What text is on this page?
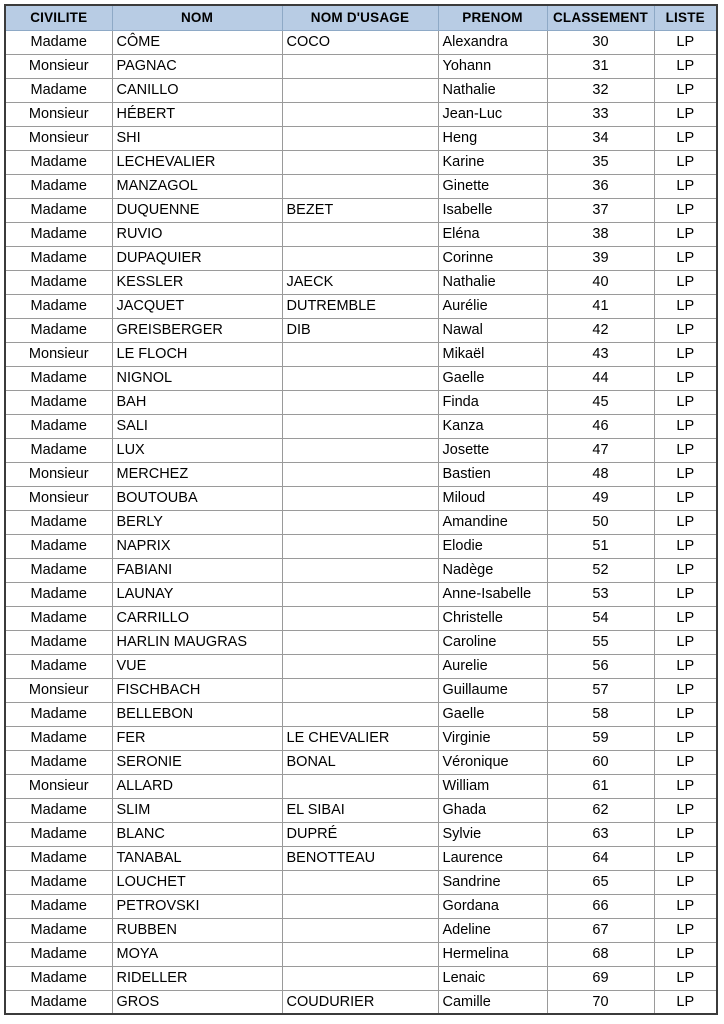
CIVILITE	NOM	NOM D'USAGE	PRENOM	CLASSEMENT	LISTE
Madame	CÔME	COCO	Alexandra	30	LP
Monsieur	PAGNAC		Yohann	31	LP
Madame	CANILLO		Nathalie	32	LP
Monsieur	HÉBERT		Jean-Luc	33	LP
Monsieur	SHI		Heng	34	LP
Madame	LECHEVALIER		Karine	35	LP
Madame	MANZAGOL		Ginette	36	LP
Madame	DUQUENNE	BEZET	Isabelle	37	LP
Madame	RUVIO		Eléna	38	LP
Madame	DUPAQUIER		Corinne	39	LP
Madame	KESSLER	JAECK	Nathalie	40	LP
Madame	JACQUET	DUTREMBLE	Aurélie	41	LP
Madame	GREISBERGER	DIB	Nawal	42	LP
Monsieur	LE FLOCH		Mikaël	43	LP
Madame	NIGNOL		Gaelle	44	LP
Madame	BAH		Finda	45	LP
Madame	SALI		Kanza	46	LP
Madame	LUX		Josette	47	LP
Monsieur	MERCHEZ		Bastien	48	LP
Monsieur	BOUTOUBA		Miloud	49	LP
Madame	BERLY		Amandine	50	LP
Madame	NAPRIX		Elodie	51	LP
Madame	FABIANI		Nadège	52	LP
Madame	LAUNAY		Anne-Isabelle	53	LP
Madame	CARRILLO		Christelle	54	LP
Madame	HARLIN MAUGRAS		Caroline	55	LP
Madame	VUE		Aurelie	56	LP
Monsieur	FISCHBACH		Guillaume	57	LP
Madame	BELLEBON		Gaelle	58	LP
Madame	FER	LE CHEVALIER	Virginie	59	LP
Madame	SERONIE	BONAL	Véronique	60	LP
Monsieur	ALLARD		William	61	LP
Madame	SLIM	EL SIBAI	Ghada	62	LP
Madame	BLANC	DUPRÉ	Sylvie	63	LP
Madame	TANABAL	BENOTTEAU	Laurence	64	LP
Madame	LOUCHET		Sandrine	65	LP
Madame	PETROVSKI		Gordana	66	LP
Madame	RUBBEN		Adeline	67	LP
Madame	MOYA		Hermelina	68	LP
Madame	RIDELLER		Lenaic	69	LP
Madame	GROS	COUDURIER	Camille	70	LP
